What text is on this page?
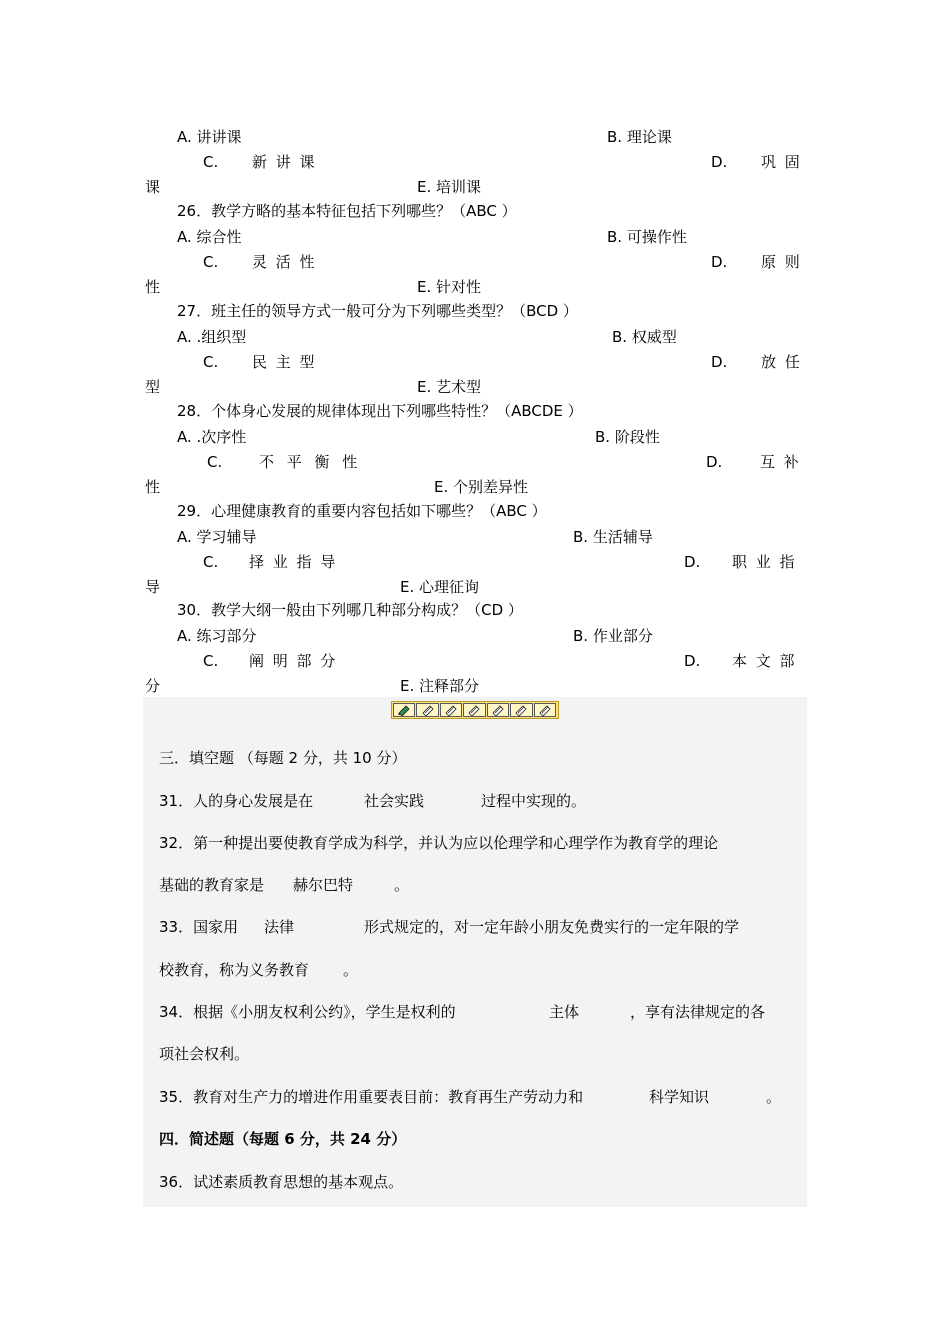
A. 讲讲课	B. 理论课
C. 新 讲 课	D. 巩 固
课	E. 培训课
26．教学方略的基本特征包括下列哪些？（ABC ）
A. 综合性	B. 可操作性
C. 灵 活 性	D. 原 则
性	E. 针对性
27．班主任的领导方式一般可分为下列哪些类型？（BCD ）
A. .组织型	B. 权威型
C. 民 主 型	D. 放 任
型	E. 艺术型
28．个体身心发展的规律体现出下列哪些特性？（ABCDE ）
A. .次序性	B. 阶段性
C. 不 平 衡 性	D.	互 补
性	E. 个别差异性
29．心理健康教育的重要内容包括如下哪些？（ABC ）
A. 学习辅导	B. 生活辅导
C. 择 业 指 导	D. 职 业 指
导	E. 心理征询
30．教学大纲一般由下列哪几种部分构成？（CD ）
A. 练习部分	B. 作业部分
C. 阐 明 部 分	D. 本 文 部
分	E. 注释部分
三．填空题 （每题 2 分，共 10 分）
31．人的身心发展是在	社会实践	过程中实现的。
32．第一种提出要使教育学成为科学，并认为应以伦理学和心理学作为教育学的理论
基础的教育家是 赫尔巴特	。
33．国家用 法律	形式规定的，对一定年龄小朋友免费实行的一定年限的学
校教育，称为义务教育 。
34．根据《小朋友权利公约》，学生是权利的	主体	，享有法律规定的各
项社会权利。
35．教育对生产力的增进作用重要表目前：教育再生产劳动力和	科学知识	。
四．简述题（每题 6 分，共 24 分）
36．试述素质教育思想的基本观点。
